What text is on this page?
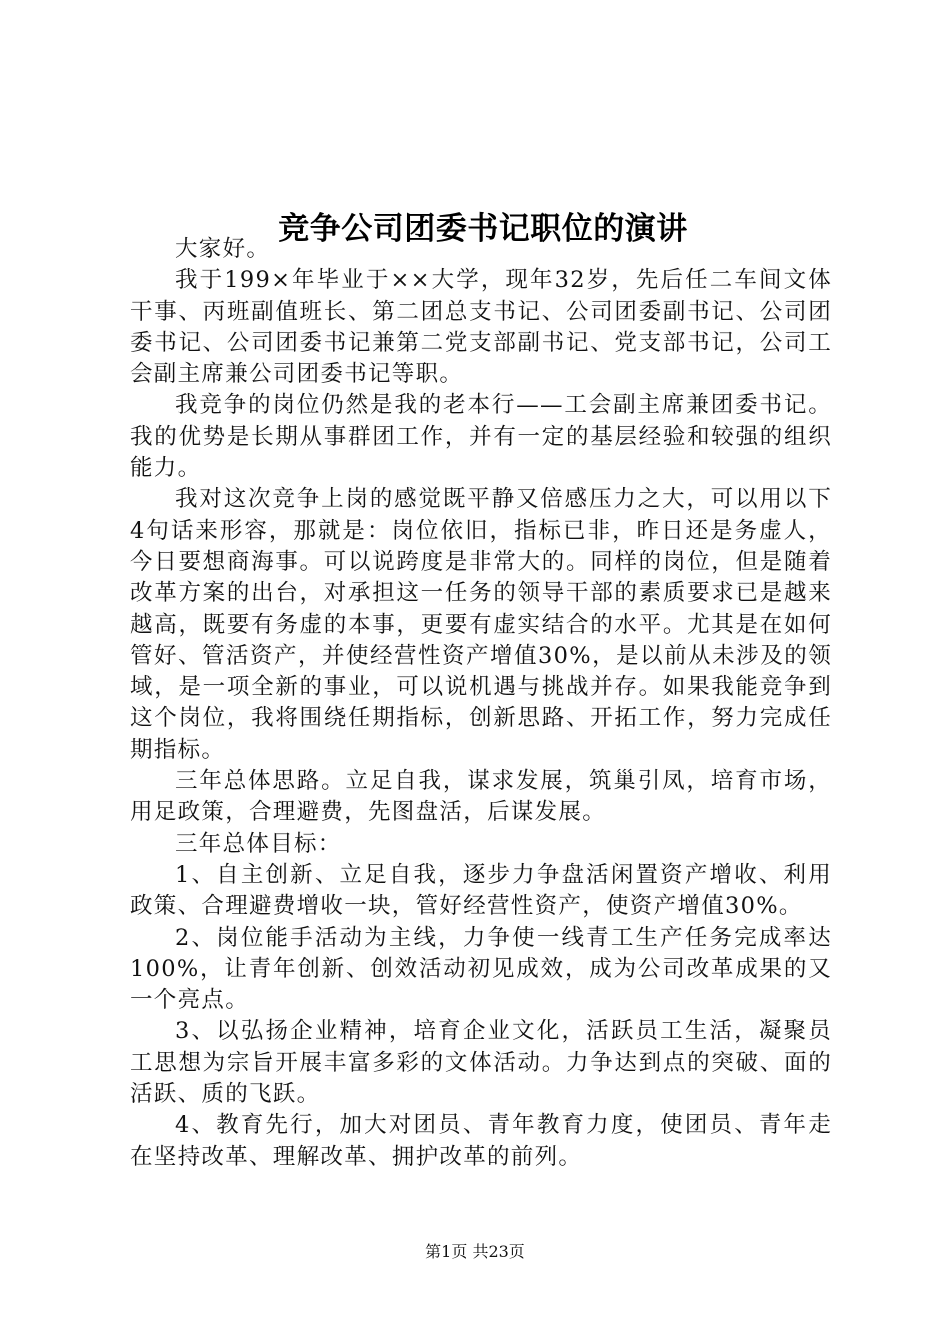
竞争公司团委书记职位的演讲

大家好。

我于199×年毕业于××大学，现年32岁，先后任二车间文体干事、丙班副值班长、第二团总支书记、公司团委副书记、公司团委书记、公司团委书记兼第二党支部副书记、党支部书记，公司工会副主席兼公司团委书记等职。

我竞争的岗位仍然是我的老本行——工会副主席兼团委书记。我的优势是长期从事群团工作，并有一定的基层经验和较强的组织能力。

我对这次竞争上岗的感觉既平静又倍感压力之大，可以用以下4句话来形容，那就是：岗位依旧，指标已非，昨日还是务虚人，今日要想商海事。可以说跨度是非常大的。同样的岗位，但是随着改革方案的出台，对承担这一任务的领导干部的素质要求已是越来越高，既要有务虚的本事，更要有虚实结合的水平。尤其是在如何管好、管活资产，并使经营性资产增值30%，是以前从未涉及的领域，是一项全新的事业，可以说机遇与挑战并存。如果我能竞争到这个岗位，我将围绕任期指标，创新思路、开拓工作，努力完成任期指标。

三年总体思路。立足自我，谋求发展，筑巢引凤，培育市场，用足政策，合理避费，先图盘活，后谋发展。

三年总体目标：

1、自主创新、立足自我，逐步力争盘活闲置资产增收、利用政策、合理避费增收一块，管好经营性资产，使资产增值30%。

2、岗位能手活动为主线，力争使一线青工生产任务完成率达100%，让青年创新、创效活动初见成效，成为公司改革成果的又一个亮点。

3、以弘扬企业精神，培育企业文化，活跃员工生活，凝聚员工思想为宗旨开展丰富多彩的文体活动。力争达到点的突破、面的活跃、质的飞跃。

4、教育先行，加大对团员、青年教育力度，使团员、青年走在坚持改革、理解改革、拥护改革的前列。

第1页 共23页
